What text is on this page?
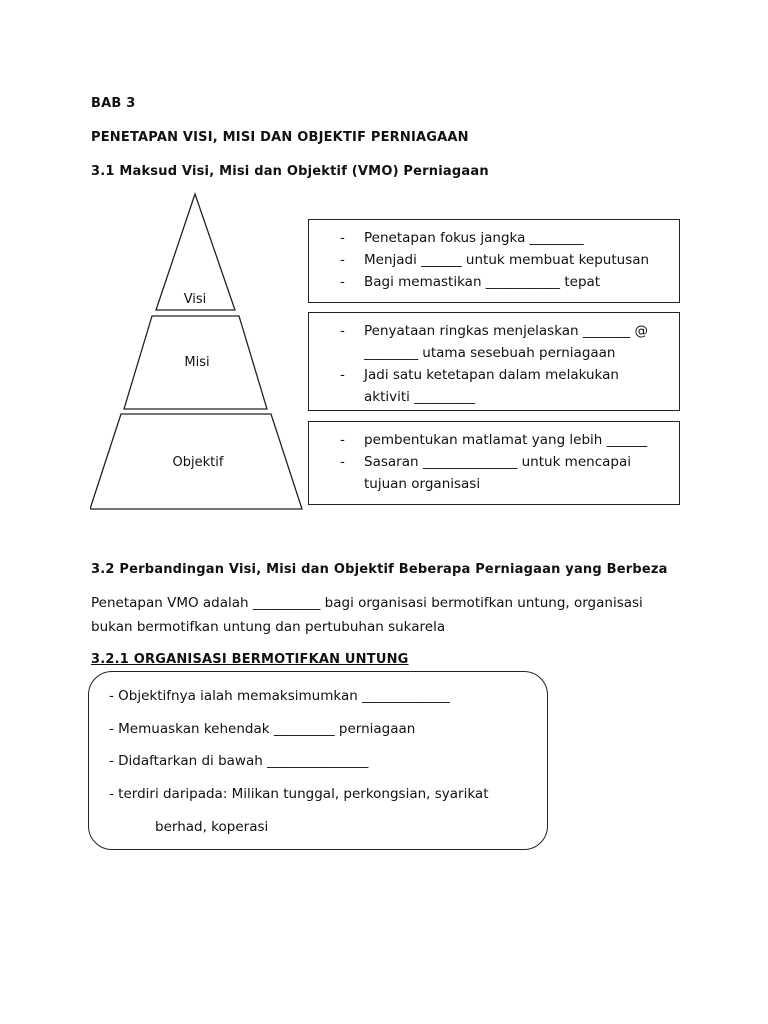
BAB 3
PENETAPAN VISI, MISI DAN OBJEKTIF PERNIAGAAN
3.1 Maksud Visi, Misi dan Objektif (VMO) Perniagaan
Visi
Misi
Objektif
- Penetapan fokus jangka ________
- Menjadi ______ untuk membuat keputusan
- Bagi memastikan ___________ tepat
- Penyataan ringkas menjelaskan _______ @
________ utama sesebuah perniagaan
- Jadi satu ketetapan dalam melakukan
aktiviti _________
- pembentukan matlamat yang lebih ______
- Sasaran ______________ untuk mencapai
tujuan organisasi
3.2 Perbandingan Visi, Misi dan Objektif Beberapa Perniagaan yang Berbeza
Penetapan VMO adalah __________ bagi organisasi bermotifkan untung, organisasi
bukan bermotifkan untung dan pertubuhan sukarela
3.2.1 ORGANISASI BERMOTIFKAN UNTUNG
- Objektifnya ialah memaksimumkan _____________
- Memuaskan kehendak _________ perniagaan
- Didaftarkan di bawah _______________
- terdiri daripada: Milikan tunggal, perkongsian, syarikat
berhad, koperasi
